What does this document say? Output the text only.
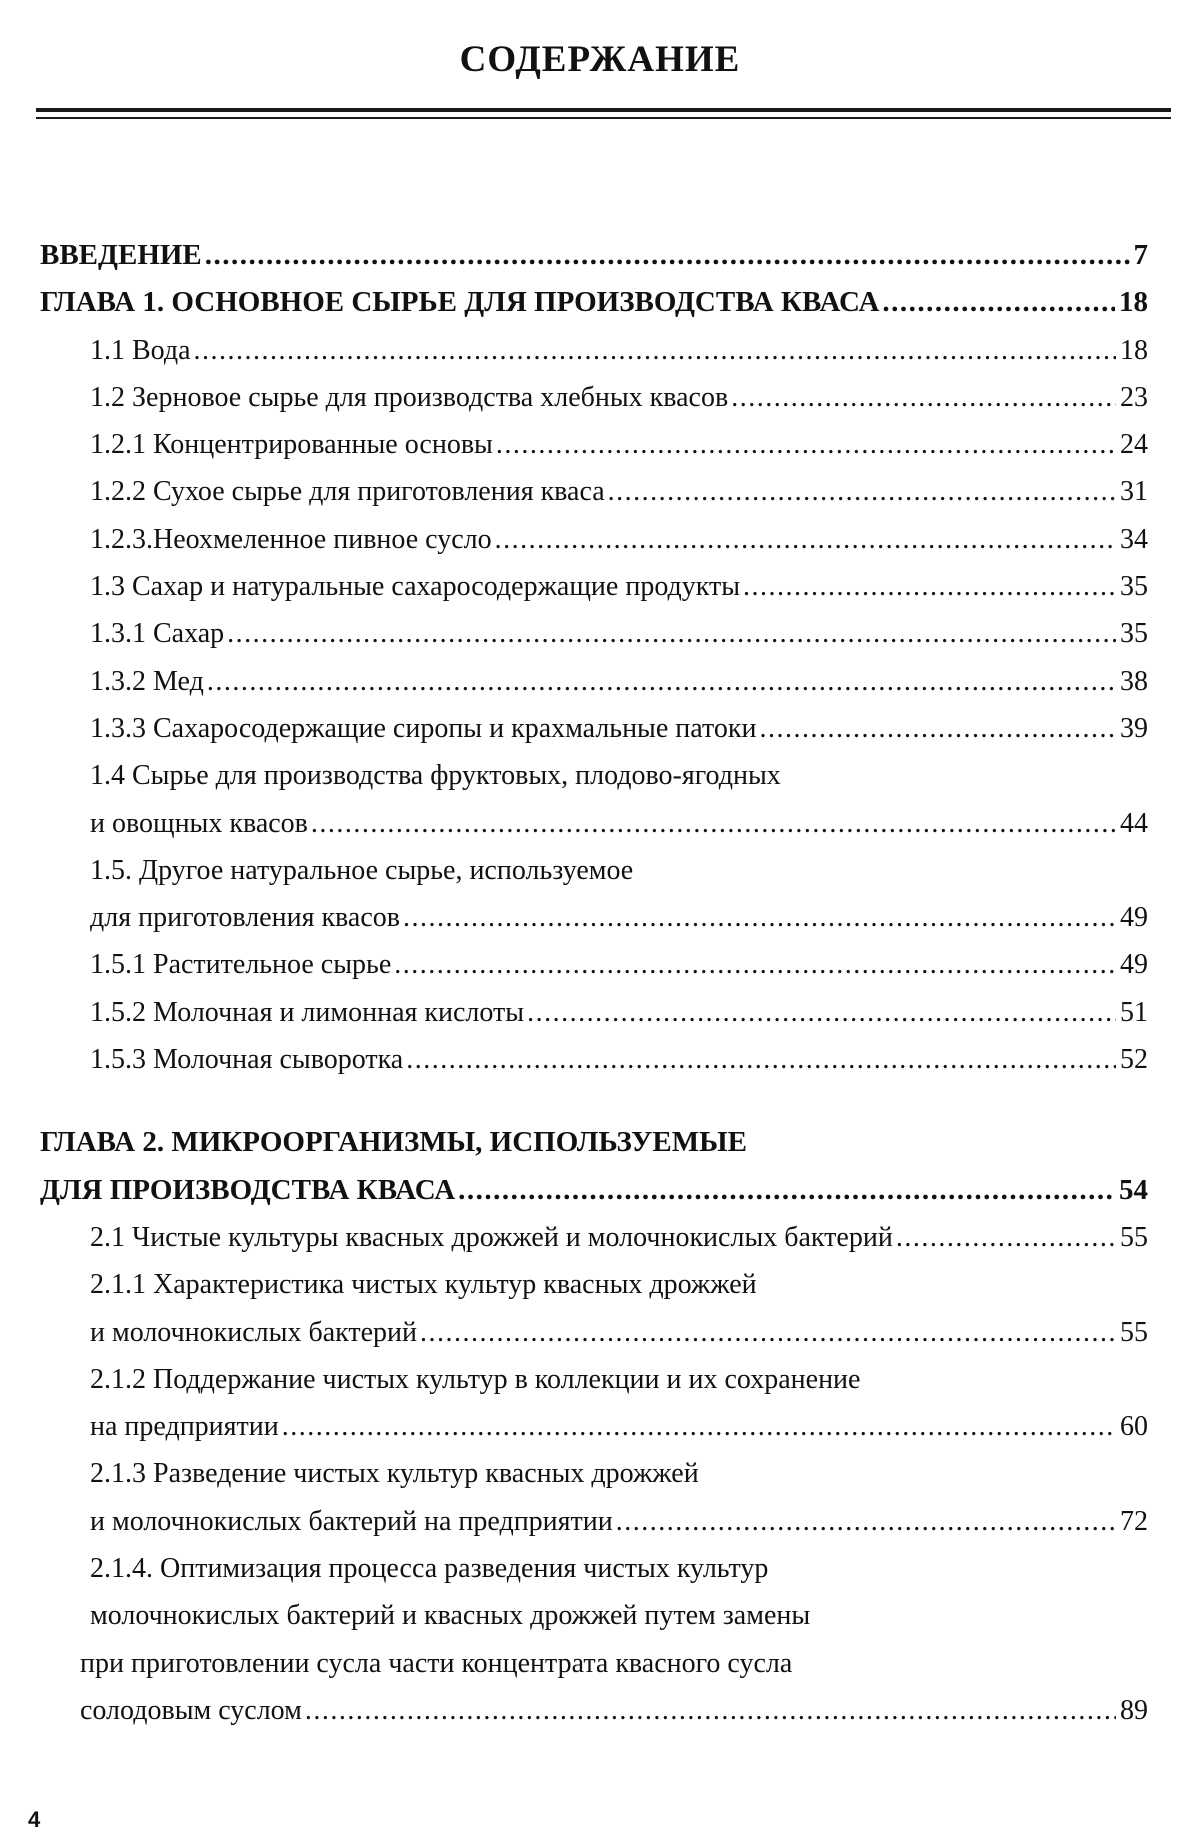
СОДЕРЖАНИЕ
ВВЕДЕНИЕ .....	7
ГЛАВА 1. ОСНОВНОЕ СЫРЬЕ ДЛЯ ПРОИЗВОДСТВА КВАСА .....	18
1.1 Вода .....	18
1.2 Зерновое сырье для производства хлебных квасов .....	23
1.2.1 Концентрированные основы .....	24
1.2.2 Сухое сырье для приготовления кваса .....	31
1.2.3.Неохмеленное пивное сусло .....	34
1.3 Сахар и натуральные сахаросодержащие продукты .....	35
1.3.1 Сахар .....	35
1.3.2 Мед .....	38
1.3.3 Сахаросодержащие сиропы и крахмальные патоки .....	39
1.4 Сырье для производства фруктовых, плодово-ягодных
и овощных квасов .....	44
1.5. Другое натуральное сырье, используемое
для приготовления квасов .....	49
1.5.1 Растительное сырье .....	49
1.5.2 Молочная и лимонная кислоты .....	51
1.5.3 Молочная сыворотка .....	52
ГЛАВА 2. МИКРООРГАНИЗМЫ, ИСПОЛЬЗУЕМЫЕ
ДЛЯ ПРОИЗВОДСТВА КВАСА .....	54
2.1 Чистые культуры квасных дрожжей и молочнокислых бактерий .....	55
2.1.1 Характеристика чистых культур квасных дрожжей
и молочнокислых бактерий .....	55
2.1.2 Поддержание чистых культур в коллекции и их сохранение
на предприятии .....	60
2.1.3 Разведение чистых культур квасных дрожжей
и молочнокислых бактерий на предприятии .....	72
2.1.4. Оптимизация процесса разведения чистых культур
молочнокислых бактерий и квасных дрожжей путем замены
при приготовлении сусла части концентрата квасного сусла
солодовым суслом .....	89
4
